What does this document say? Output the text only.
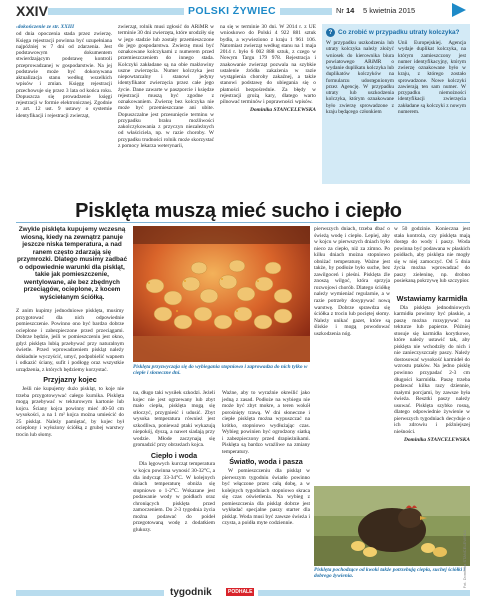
XXIV	POLSKI ŻYWIEC	Nr 14 5 kwietnia 2015
›dokończenie ze str. XXIII
od dnia opoczenia stada przez zwierzę. Księga rejestracji powinna być uzupełniana najpóźniej w 7 dni od zdarzenia. Jest podstawowym dokumentem stwierdzającym podstawę kontroli przeprowadzanej w gospodarstwie. Na jej podstawie może być dokonywana aktualizacja stanu według wszelkich wpisów i zmian. Księgę rejestracji przechowuje się przez 3 lata od końca roku. Dopuszcza się prowadzenie księgi rejestracji w formie elektronicznej. Zgodnie z art. 12 ust. 9 ustawy o systemie identyfikacji i rejestracji zwierząt,
zwierząt, rolnik musi zgłosić do ARiMR w terminie 30 dni zwierzęta, które urodziły się w jego stadzie lub zostały przemieszczone do jego gospodarstwa. Zwierzę musi być oznakowane kolczykami z numerem przed przemieszczeniem do innego stada. Kolczyki zakładane są na obie małżowiny uszne zwierzęcia. Numer kolczyka jest niepowtarzalny i stanowi jedyny identyfikator zwierzęcia przez całe jego życie. Dane zawarte w paszporcie i księdze rejestracji muszą być zgodne z oznakowaniem. Zwierzę bez kolczyka nie może być przemieszczane ani ubite. Dopuszczalne jest przesunięcie terminu w przypadku braku możliwości zakolczykowania z przyczyn niezależnych od właściciela, np. w razie choroby. W przypadku trudności rolnik może skorzystać z pomocy lekarza weterynarii,
na się w terminie 30 dni. W 2014 r. z UE wnioskowo do Polski 4 922 881 sztuk bydła, a wywieziono z kraju 1 961 106. Natomiast zwierząt według stanu na 1 maja 2014 r. było 6 002 888 sztuk, z czego w Nowym Targu 179 978. Rejestracja i znakowanie zwierząt pozwala na szybkie ustalenie źródła zakażenia w razie wystąpienia choroby zakaźnej, a także stanowi podstawę do ubiegania się o płatności bezpośrednie. Za błędy w rejestracji grożą kary, dlatego warto pilnować terminów i poprawności wpisów.
Dominika STANCELEWSKA
? Co zrobić w przypadku utraty kolczyka?
W przypadku uszkodzenia lub utraty kolczyka należy złożyć wniosek do kierownika biura powiatowego ARiMR o wydanie duplikatu kolczyka lub duplikatów kolczyków na formularzu udostępnionym przez Agencję. W przypadku utraty lub uszkodzenia kolczyka, którym oznakowane było zwierzę sprowadzone z kraju będącego członkiem
Unii Europejskiej. Agencja wydaje duplikat kolczyka, na którym zamieszczony jest numer identyfikacyjny, którym zwierzę oznakowane było w kraju, z którego zostało sprowadzone. Nowe kolczyki zawierają ten sam numer. W przypadku niemożności identyfikacji zwierzęcia zakładane są kolczyki z nowym numerem.
Pisklęta muszą mieć sucho i ciepło
Zwykle pisklęta kupujemy wczesną wiosną, kiedy na zewnątrz panuje jeszcze niska temperatura, a nad ranem często zdarzają się przymrozki. Dlatego musimy zadbać o odpowiednie warunki dla piskląt, takie jak pomieszczenie, wentylowane, ale bez zbędnych przeciągów, ocieplone, z kocem wyściełanym ściółką.
Pisklęta przyzwyczaja się do wybiegania stopniowo i zaprowadza do nich tylko w ciepłe i słoneczne dni.

Z anim kupimy jednodniowe pisklęta, musimy przygotować dla nich odpowiednie pomieszczenie. Powinno ono być bardzo dobrze ocieplone i zabezpieczone przed przeciągami. Dobrze będzie, jeśli w pomieszczeniu jest okno, gdyż pisklęta lubią przebywać przy naturalnym świetle. Przed wprowadzeniem piskląt należy dokładnie wyczyścić, umyć, podpobielić wapnem i odkazić ściany, sufit i podłogę oraz wszystkie urządzenia, z których będziemy korzystać.

Przyjazny kojec

Jeśli nie kupujemy dużo piskląt, to koje nie trzeba przygotowywać całego kurnika. Pisklęta mogą przebywać w tekturowym kartonie lub kojcu. Ściany kojca powinny mieć 40-50 cm wysokości, a na 1 m² kojca można umieścić do 25 piskląt. Należy pamiętać, by kojec był ocieplony i wyłożony ściółką z grubej warstwy trocin lub słomy.

na, długo taki wysiłek szkodzi. Jeżeli kojec nie jest ogrzewany lub zbyt mało ciepła, pisklęta mogą się stłoczyć, przygnieść i udusić. Zbyt wysoka temperatura również jest szkodliwa, ponieważ ptaki wykazują niepokój, dyszą, a nawet siadają przy wodzie. Młode zaczynają się gromadzić przy obrzeżach kojca.

Ciepło i woda

Dla lęgowych kurcząt temperatura w kojcu powinna wynosić 30-32°C, a dla indycząt 33-34°C. W kolejnych dniach temperaturę obniża się stopniowo o 1-2°C. Wskazane jest podawanie wody w poidłach oraz chroniących pisklęta przed zamoczeniem. Do 2-3 tygodnia życia można podawać do poideł przegotowaną wodę z dodatkiem glukozy.

Ważne, aby to wyraźnie określić jako jedną z zasad. Podłoże na wybiegu nie może być zbyt mokre, a teren wokół porośnięty trawą. W dni słoneczne i ciepłe pisklęta można wypuszczać na krótko, stopniowo wydłużając czas. Wybieg powinien być ogrodzony siatką i zabezpieczony przed drapieżnikami. Pisklęta są bardzo wrażliwe na zmiany temperatury.

Światło, woda i pasza

W pomieszczeniu dla piskląt w pierwszym tygodniu światło powinno być włączone przez całą dobę, a w kolejnych tygodniach stopniowo skraca się czas oświetlenia. Na wybieg z pomieszczenia dla piskląt dobrze jest wykładać specjalne paszy starter dla piskląt. Woda musi być zawsze świeża i czysta, a poidła myte codziennie.

pierwszych dniach, trzeba dbać o świeżą wodę i ciepło. Lepiej, aby w kojcu w pierwszych dniach było nieco za ciepło, niż za zimno. Po kilku dniach można stopniowo obniżać temperaturę. Ważne jest także, by podłoże było suche, bez zawilgoceń i pleśni. Pisklęta źle znoszą wilgoć, która sprzyja rozwojowi chorób. Dlatego ściółkę należy wymieniać regularnie, a w razie potrzeby dosypywać nową warstwę. Dobrze sprawdza się ściółka z trocin lub pociętej słomy. Należy unikać gazet, które są śliskie i mogą powodować uszkodzenia nóg.

w 50 godzinie. Konieczna jest stała kontrola, czy pisklęta mają dostęp do wody i paszy. Woda powinna być podawana w płaskich poidłach, aby pisklęta nie mogły się w niej zamoczyć. Od 5 dnia życia można wprowadzać do paszy zieleninę, np. drobno posiekaną pokrzywę lub szczypior.

Wstawiamy karmidła

Dla pisklęta jednodniowych karmidła powinny być płaskie, a paszę można rozsypywać na tekturze lub papierze. Później stosuje się karmidła korytkowe, które należy ustawić tak, aby pisklęta nie wchodziły do nich i nie zanieczyszczały paszy. Należy dostosować wysokość karmideł do wzrostu ptaków. Na jedno pisklę powinno przypadać 2-3 cm długości karmidła. Paszę trzeba podawać kilka razy dziennie, małymi porcjami, by zawsze była świeża. Resztki paszy należy usuwać. Pisklęta szybko rosną, dlatego odpowiednie żywienie w pierwszych tygodniach decyduje o ich zdrowiu i późniejszej nieśności.

Dominika STANCELEWSKA
Pisklęta pochodzące od kwoki także potrzebują ciepła, suchej ściółki i dobrego żywienia.	Fot. Dominika STANCELEWSKA
tygodnik	PODHALE
